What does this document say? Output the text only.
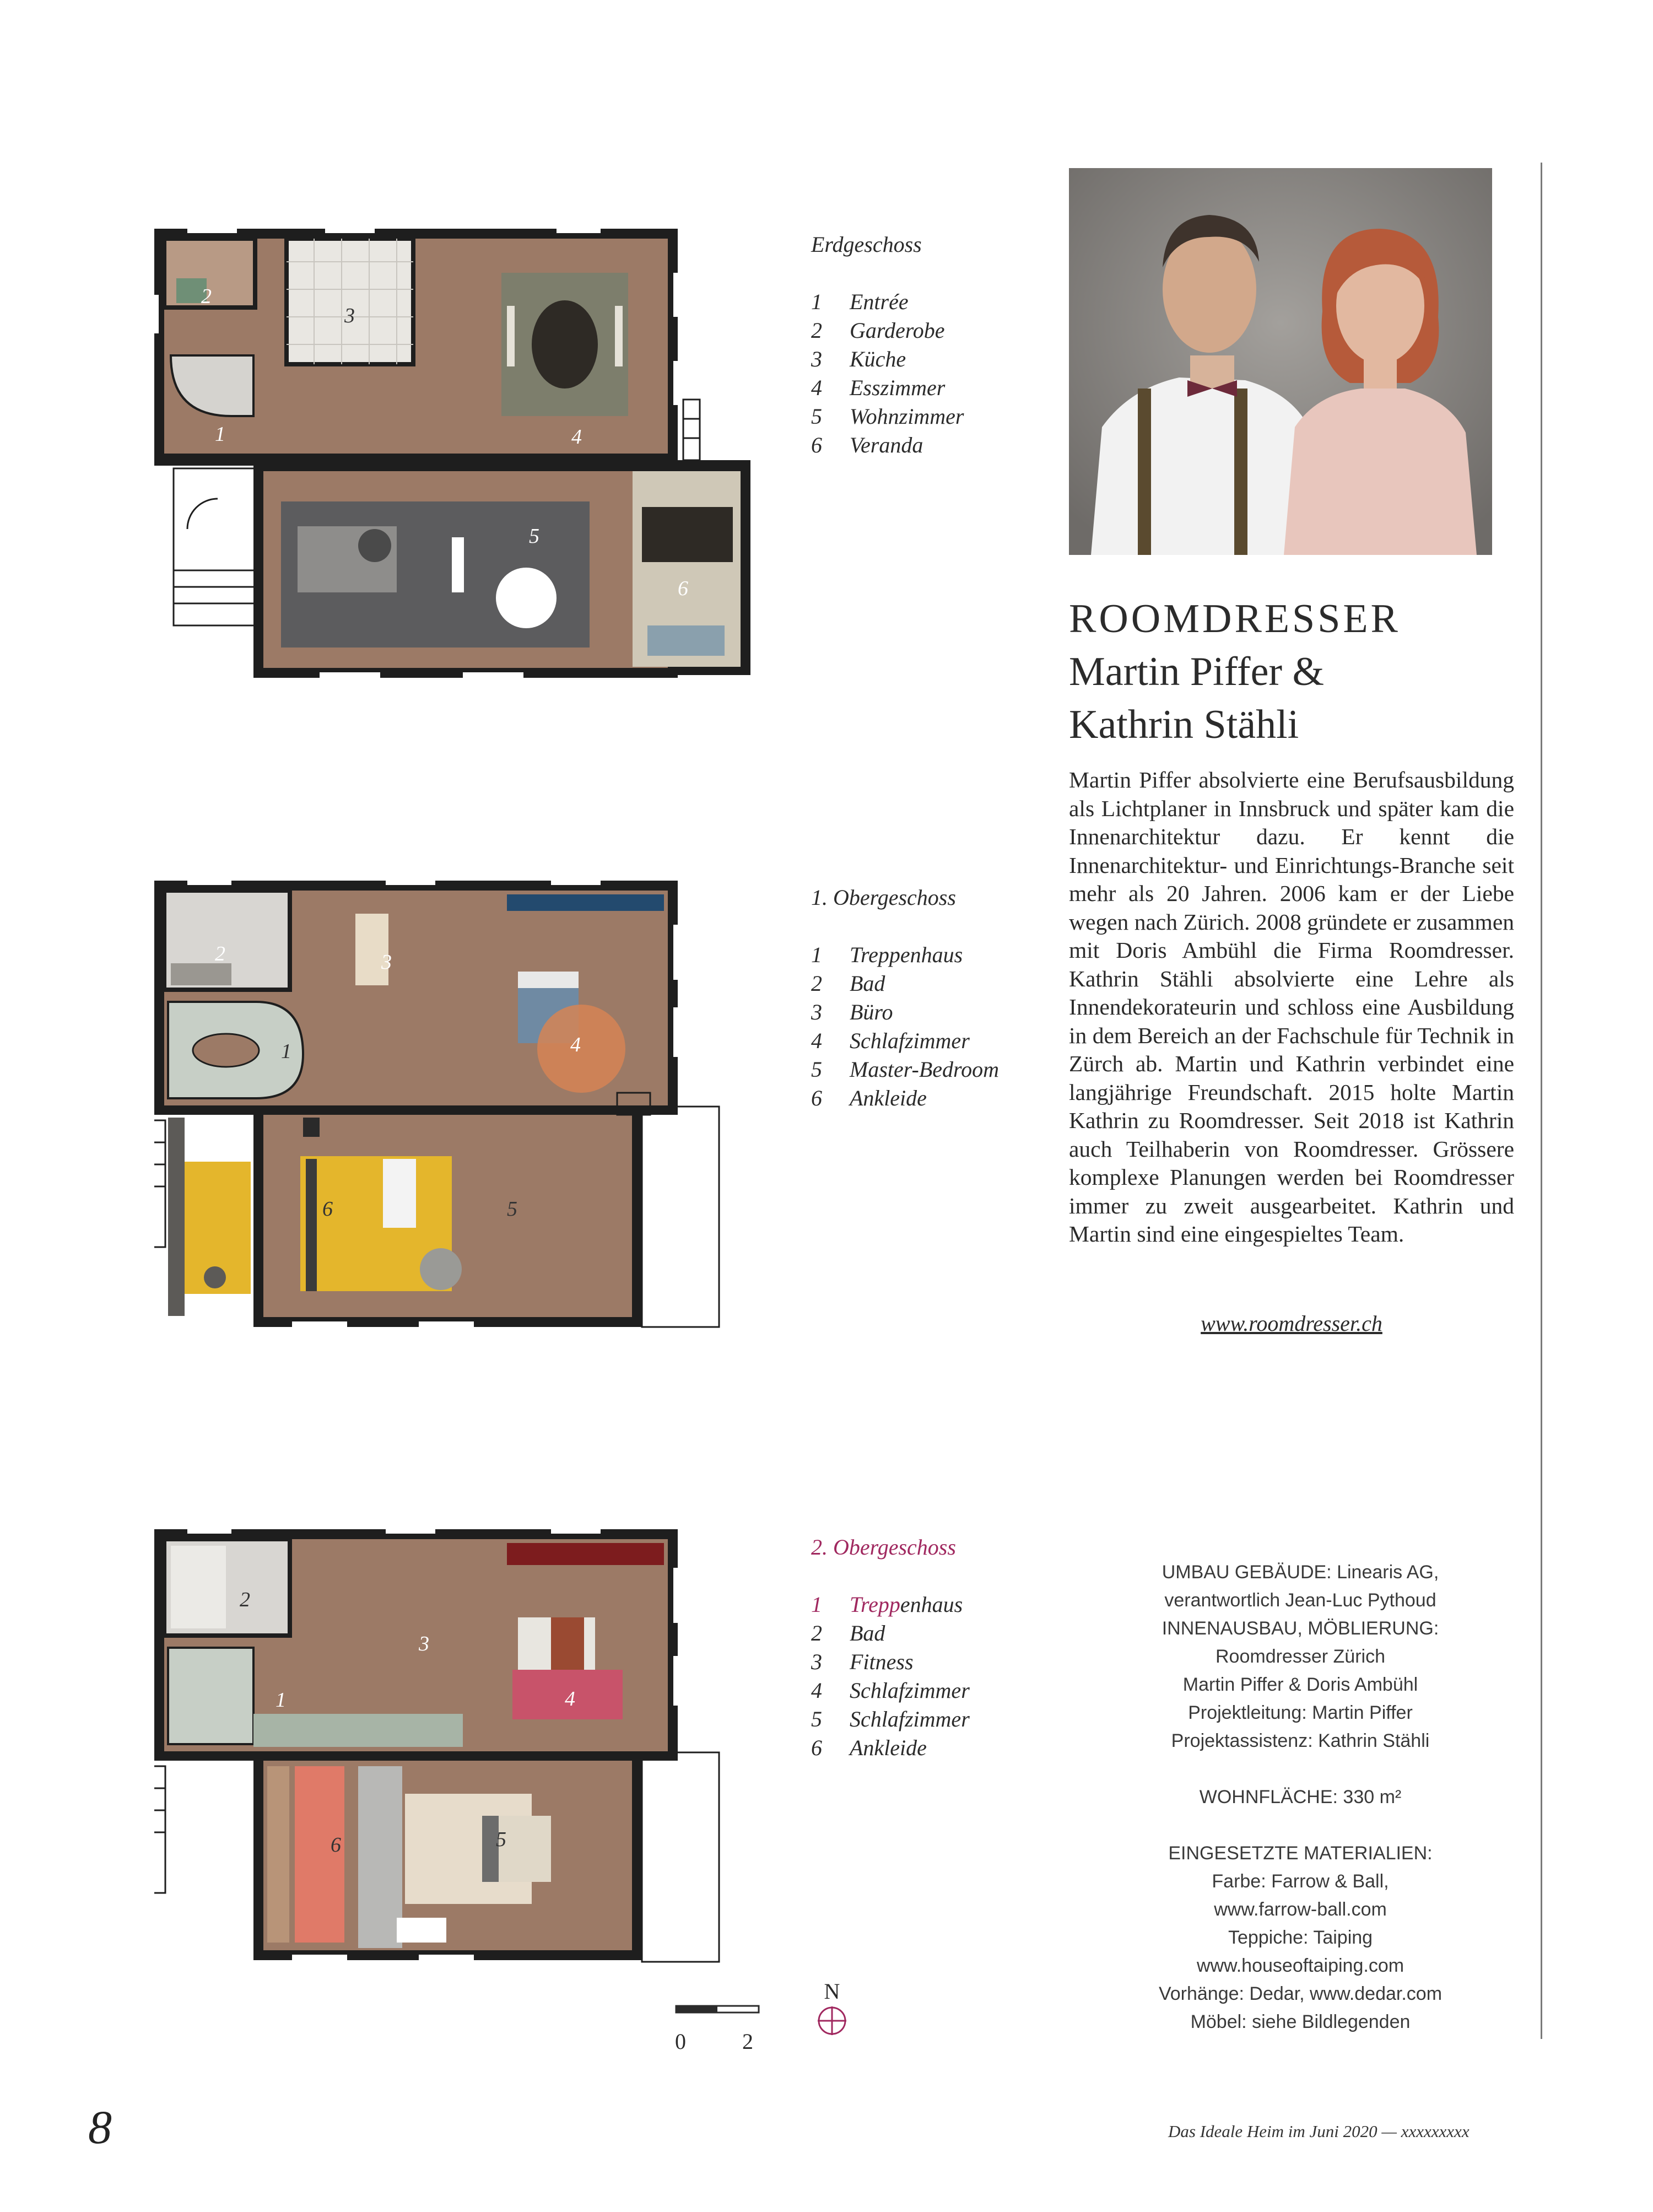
2
3
1	4
5
6
2	3
1	4
5
6
2
3
1	4
5
6
Erdgeschoss
1	Entrée
2	Garderobe
3	Küche
4	Esszimmer
5	Wohnzimmer
6	Veranda
1. Obergeschoss
1	Treppenhaus
2	Bad
3	Büro
4	Schlafzimmer
5	Master-Bedroom
6	Ankleide
2. Obergeschoss
1	Treppenhaus
2	Bad
3	Fitness
4	Schlafzimmer
5	Schlafzimmer
6	Ankleide
ROOMDRESSER
Martin Piffer &
Kathrin Stähli
Martin Piffer absolvierte eine Berufsausbildung als Lichtplaner in Innsbruck und später kam die Innenarchitektur dazu. Er kennt die Innenarchitektur- und Einrichtungs-Branche seit mehr als 20 Jahren. 2006 kam er der Liebe wegen nach Zürich. 2008 gründete er zusammen mit Doris Ambühl die Firma Roomdresser. Kathrin Stähli absolvierte eine Lehre als Innendekorateurin und schloss eine Ausbildung in dem Bereich an der Fachschule für Technik in Zürch ab. Martin und Kathrin verbindet eine langjährige Freundschaft. 2015 holte Martin Kathrin zu Roomdresser. Seit 2018 ist Kathrin auch Teilhaberin von Roomdresser. Grössere komplexe Planungen werden bei Roomdresser immer zu zweit ausgearbeitet. Kathrin und Martin sind eine eingespieltes Team.
www.roomdresser.ch
UMBAU GEBÄUDE: Linearis AG,
verantwortlich Jean-Luc Pythoud
INNENAUSBAU, MÖBLIERUNG:
Roomdresser Zürich
Martin Piffer & Doris Ambühl
Projektleitung: Martin Piffer
Projektassistenz: Kathrin Stähli
WOHNFLÄCHE: 330 m²
EINGESETZTE MATERIALIEN:
Farbe: Farrow & Ball,
www.farrow-ball.com
Teppiche: Taiping
www.houseoftaiping.com
Vorhänge: Dedar, www.dedar.com
Möbel: siehe Bildlegenden
0	2
N
8	Das Ideale Heim im Juni 2020 — xxxxxxxxx
